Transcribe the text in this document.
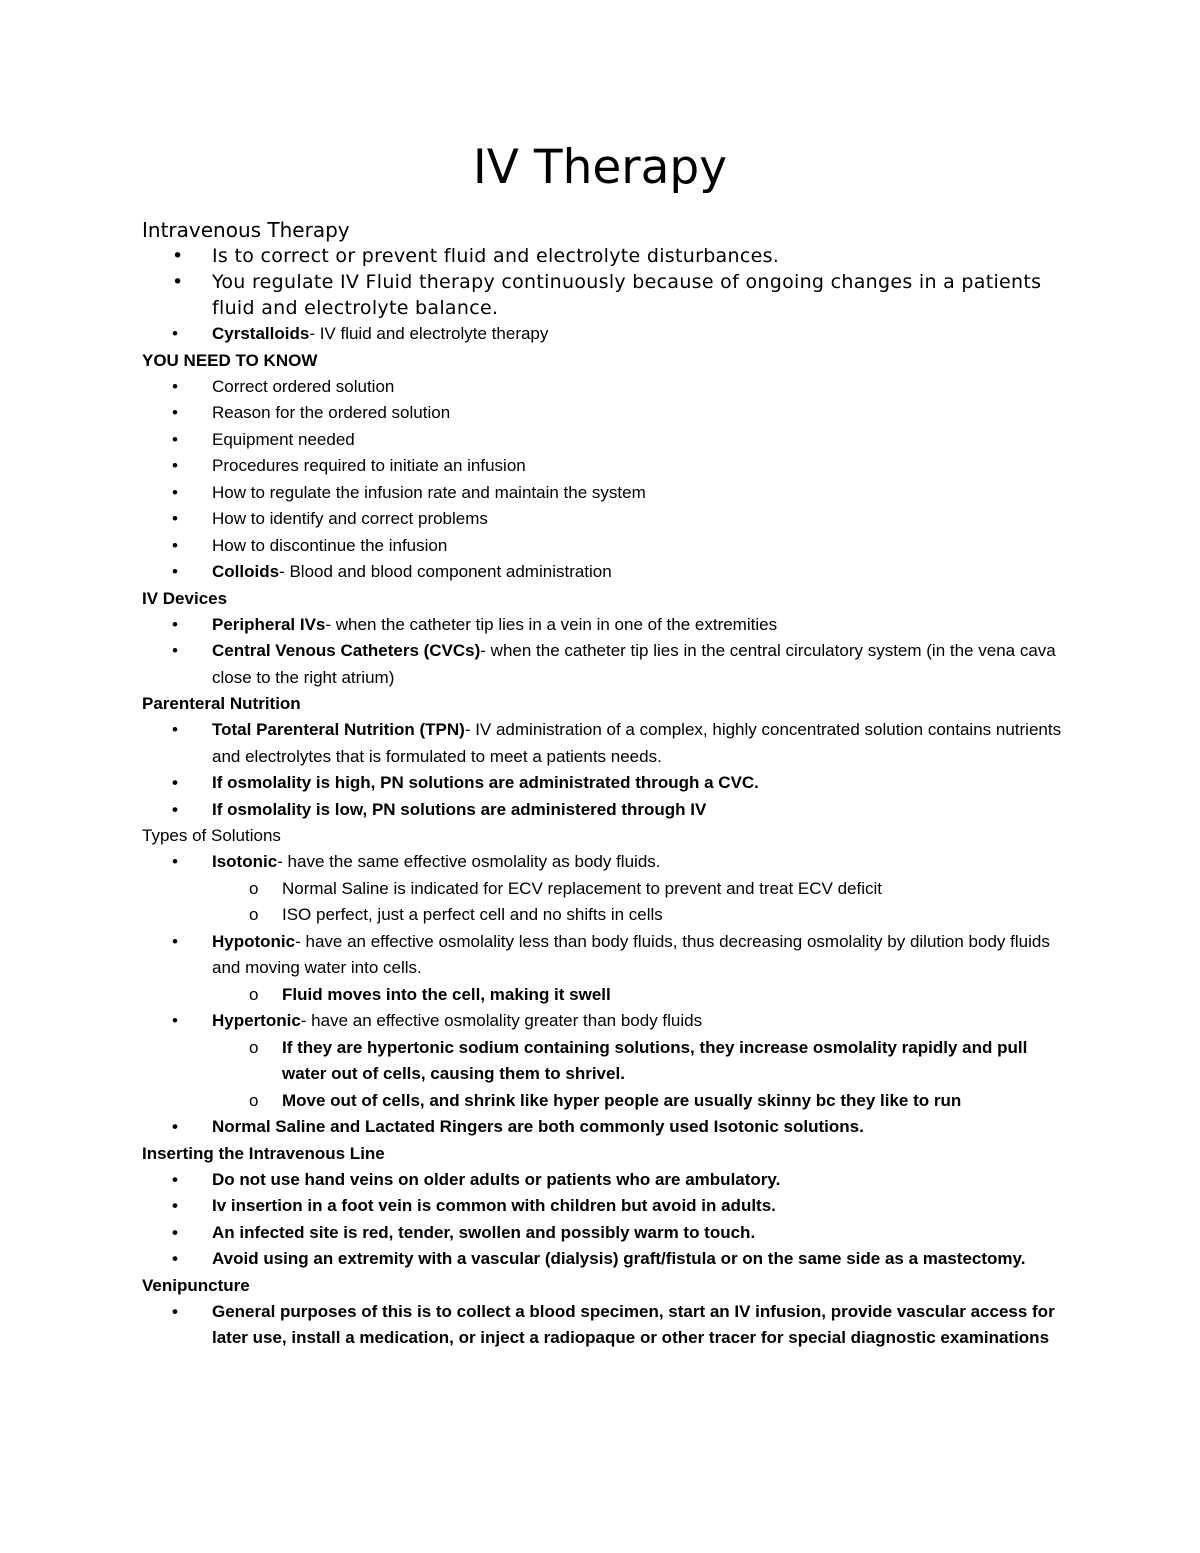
IV Therapy
Intravenous Therapy
• Is to correct or prevent fluid and electrolyte disturbances.
• You regulate IV Fluid therapy continuously because of ongoing changes in a patients fluid and electrolyte balance.
• Cyrstalloids- IV fluid and electrolyte therapy
YOU NEED TO KNOW
• Correct ordered solution
• Reason for the ordered solution
• Equipment needed
• Procedures required to initiate an infusion
• How to regulate the infusion rate and maintain the system
• How to identify and correct problems
• How to discontinue the infusion
• Colloids- Blood and blood component administration
IV Devices
• Peripheral IVs- when the catheter tip lies in a vein in one of the extremities
• Central Venous Catheters (CVCs)- when the catheter tip lies in the central circulatory system (in the vena cava close to the right atrium)
Parenteral Nutrition
• Total Parenteral Nutrition (TPN)- IV administration of a complex, highly concentrated solution contains nutrients and electrolytes that is formulated to meet a patients needs.
• If osmolality is high, PN solutions are administrated through a CVC.
• If osmolality is low, PN solutions are administered through IV
Types of Solutions
• Isotonic- have the same effective osmolality as body fluids.
o Normal Saline is indicated for ECV replacement to prevent and treat ECV deficit
o ISO perfect, just a perfect cell and no shifts in cells
• Hypotonic- have an effective osmolality less than body fluids, thus decreasing osmolality by dilution body fluids and moving water into cells.
o Fluid moves into the cell, making it swell
• Hypertonic- have an effective osmolality greater than body fluids
o If they are hypertonic sodium containing solutions, they increase osmolality rapidly and pull water out of cells, causing them to shrivel.
o Move out of cells, and shrink like hyper people are usually skinny bc they like to run
• Normal Saline and Lactated Ringers are both commonly used Isotonic solutions.
Inserting the Intravenous Line
• Do not use hand veins on older adults or patients who are ambulatory.
• Iv insertion in a foot vein is common with children but avoid in adults.
• An infected site is red, tender, swollen and possibly warm to touch.
• Avoid using an extremity with a vascular (dialysis) graft/fistula or on the same side as a mastectomy.
Venipuncture
• General purposes of this is to collect a blood specimen, start an IV infusion, provide vascular access for later use, install a medication, or inject a radiopaque or other tracer for special diagnostic examinations
